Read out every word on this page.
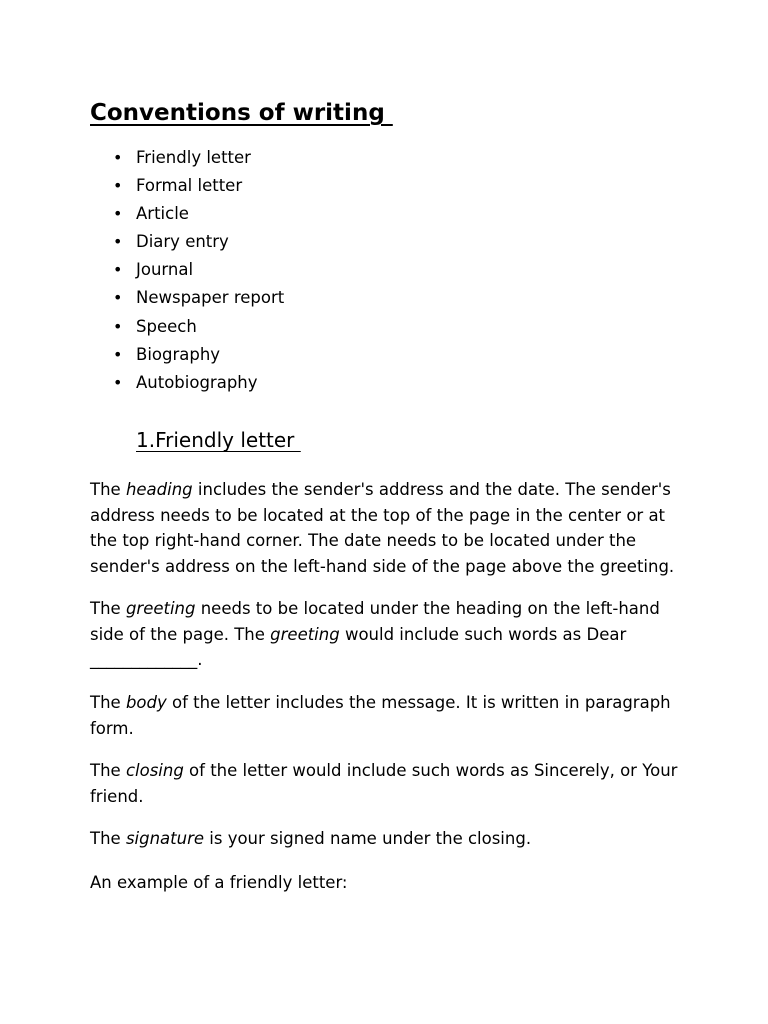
Conventions of writing
• Friendly letter
• Formal letter
• Article
• Diary entry
• Journal
• Newspaper report
• Speech
• Biography
• Autobiography
1.Friendly letter

The heading includes the sender's address and the date. The sender's
address needs to be located at the top of the page in the center or at
the top right-hand corner. The date needs to be located under the
sender's address on the left-hand side of the page above the greeting.

The greeting needs to be located under the heading on the left-hand
side of the page. The greeting would include such words as Dear
_____________.

The body of the letter includes the message. It is written in paragraph
form.

The closing of the letter would include such words as Sincerely, or Your
friend.

The signature is your signed name under the closing.

An example of a friendly letter:
